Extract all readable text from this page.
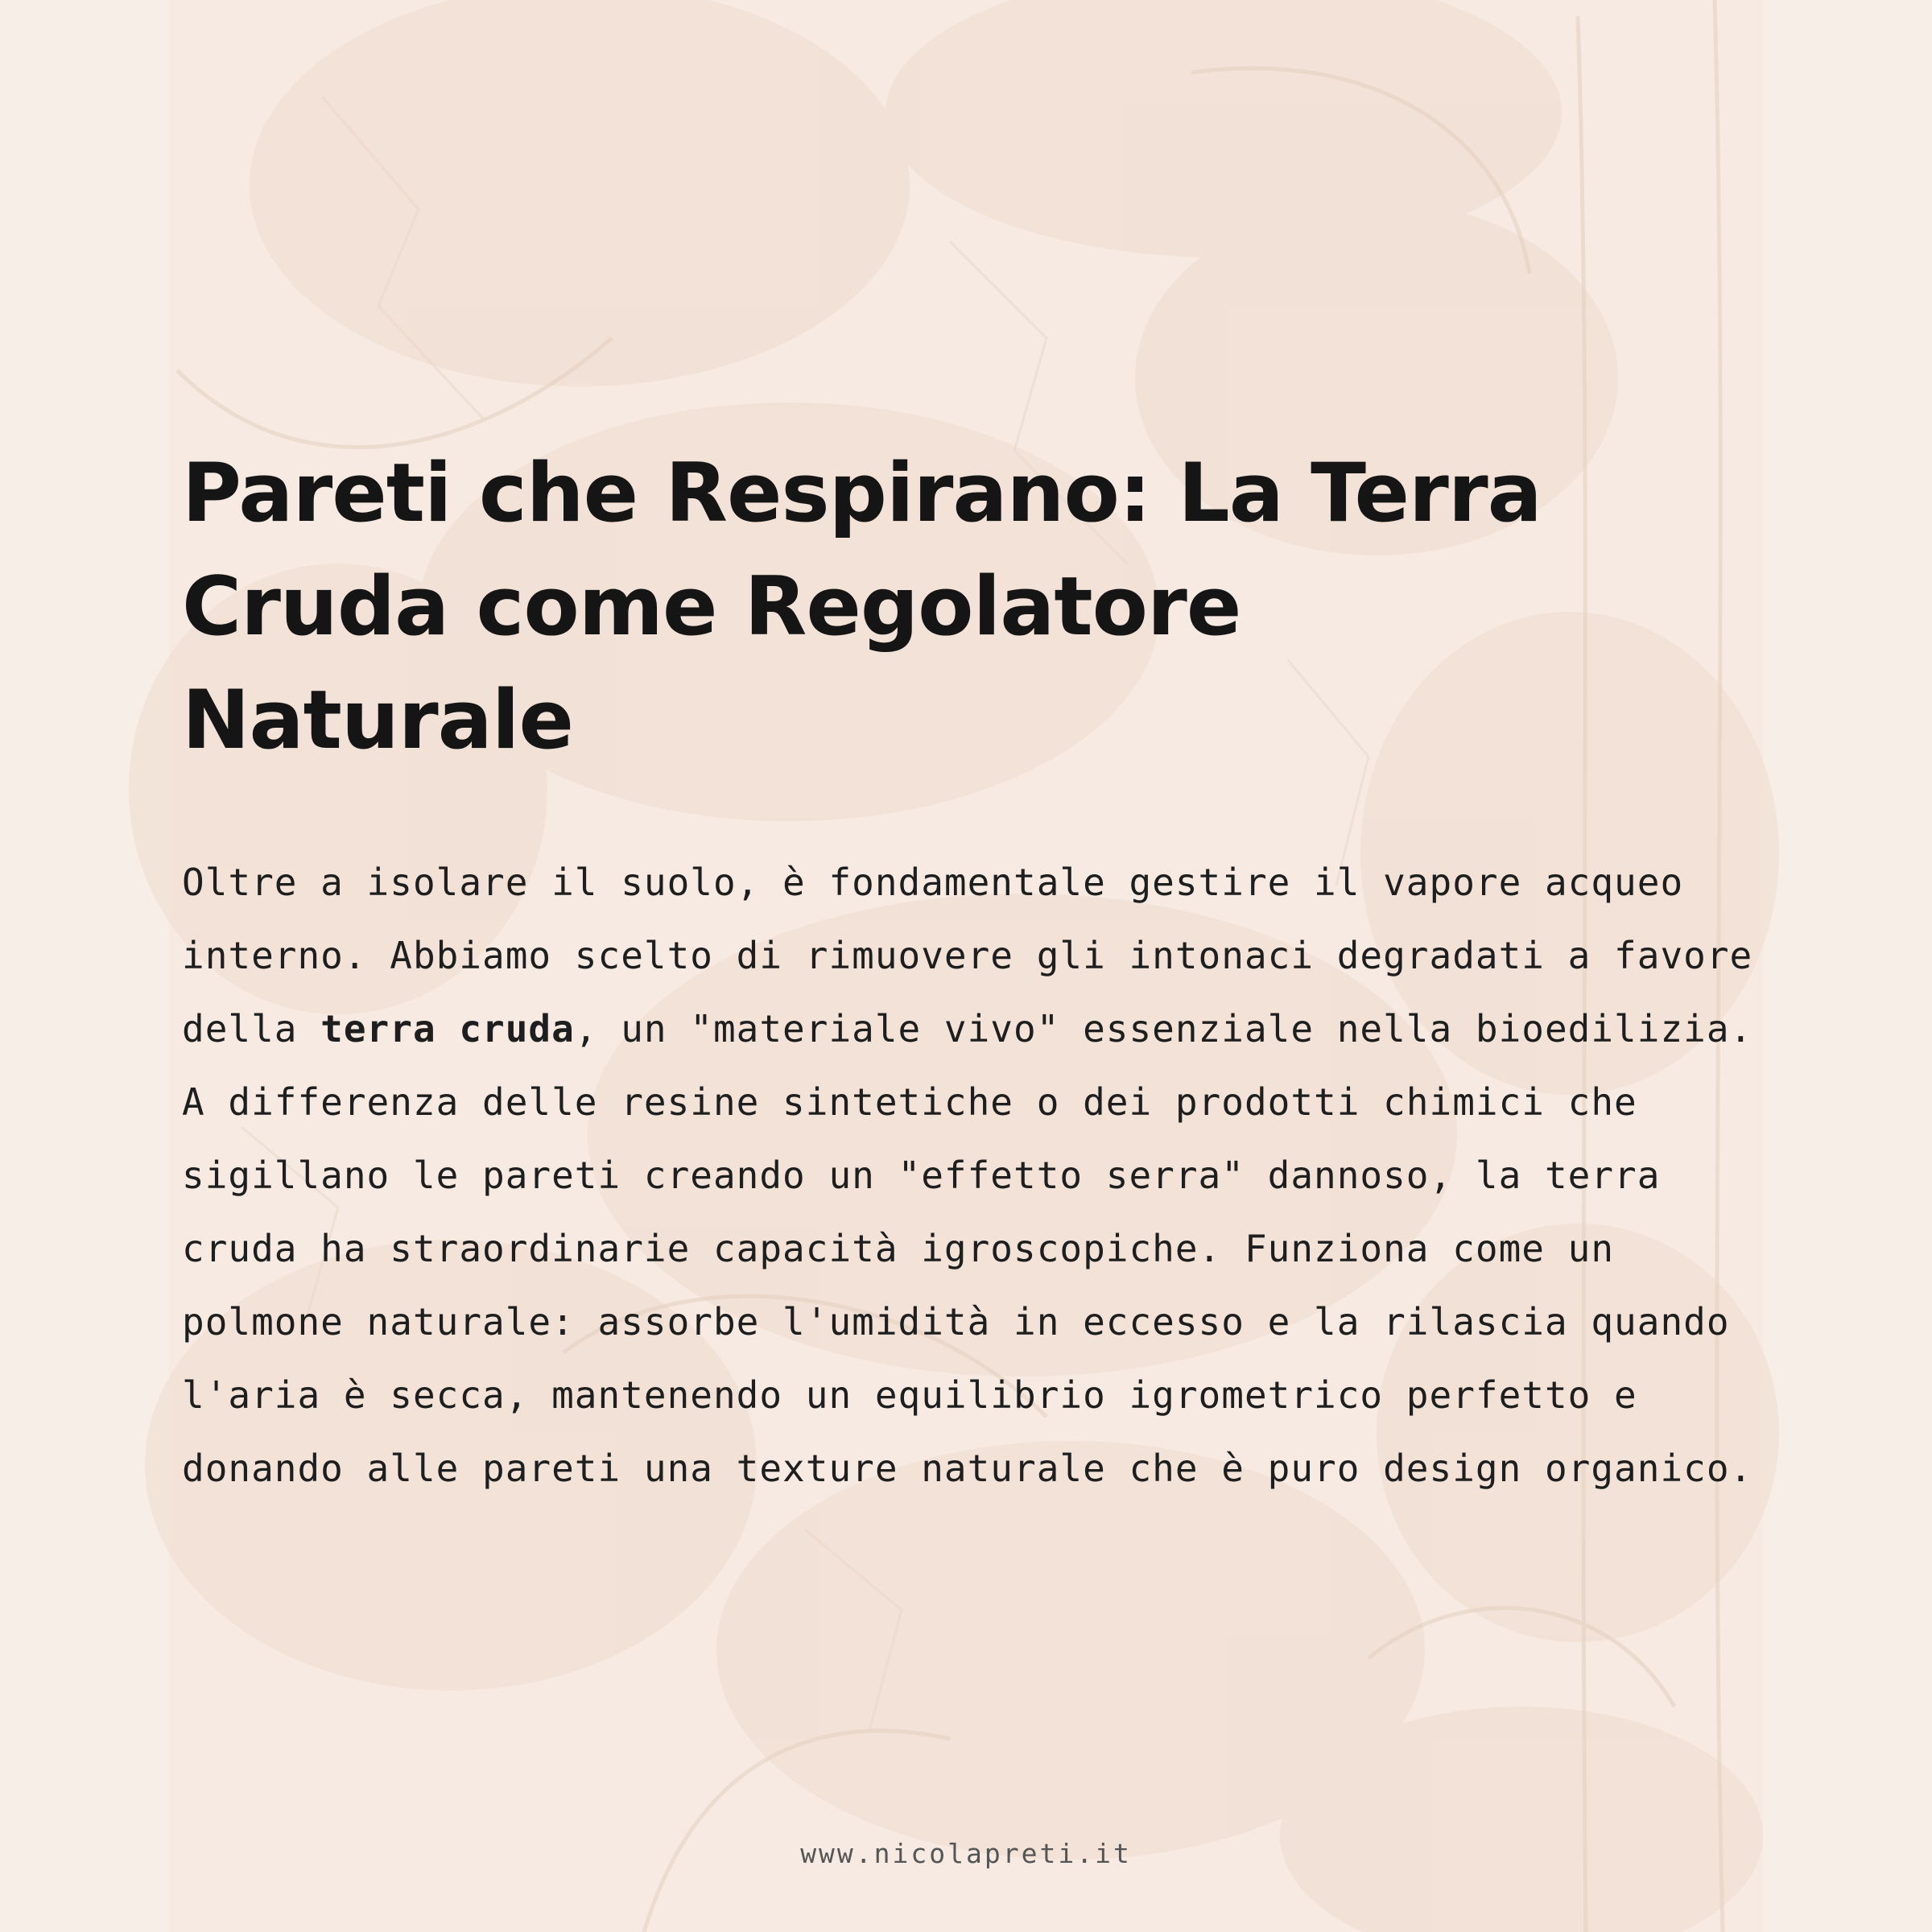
Pareti che Respirano: La Terra
Cruda come Regolatore
Naturale
Oltre a isolare il suolo, è fondamentale gestire il vapore acqueo
interno. Abbiamo scelto di rimuovere gli intonaci degradati a favore
della terra cruda, un "materiale vivo" essenziale nella bioedilizia.
A differenza delle resine sintetiche o dei prodotti chimici che
sigillano le pareti creando un "effetto serra" dannoso, la terra
cruda ha straordinarie capacità igroscopiche. Funziona come un
polmone naturale: assorbe l'umidità in eccesso e la rilascia quando
l'aria è secca, mantenendo un equilibrio igrometrico perfetto e
donando alle pareti una texture naturale che è puro design organico.
www.nicolapreti.it
